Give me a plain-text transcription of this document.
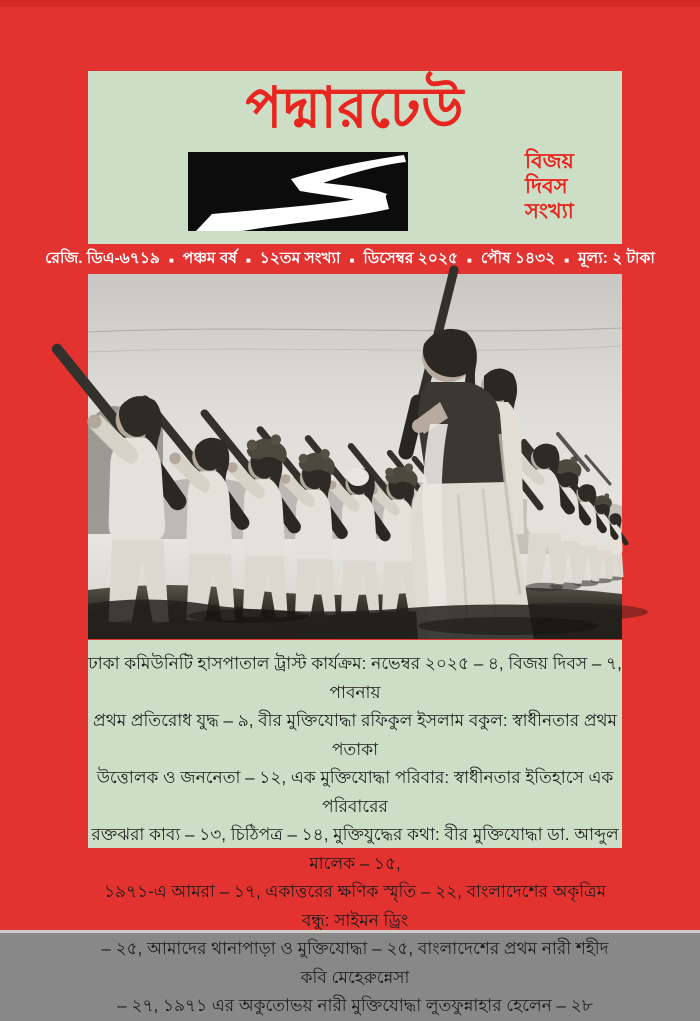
পদ্মারঢেউ
বিজয়
দিবস
সংখ্যা
রেজি. ডিএ-৬৭১৯ ■ পঞ্চম বর্ষ ■ ১২তম সংখ্যা ■ ডিসেম্বর ২০২৫ ■ পৌষ ১৪৩২ ■ মূল্য: ২ টাকা
ঢাকা কমিউনিটি হাসপাতাল ট্রাস্ট কার্যক্রম: নভেম্বর ২০২৫ – ৪, বিজয় দিবস – ৭, পাবনায়
প্রথম প্রতিরোধ যুদ্ধ – ৯, বীর মুক্তিযোদ্ধা রফিকুল ইসলাম বকুল: স্বাধীনতার প্রথম পতাকা
উত্তোলক ও জননেতা – ১২, এক মুক্তিযোদ্ধা পরিবার: স্বাধীনতার ইতিহাসে এক পরিবারের
রক্তঝরা কাব্য – ১৩, চিঠিপত্র – ১৪, মুক্তিযুদ্ধের কথা: বীর মুক্তিযোদ্ধা ডা. আব্দুল মালেক – ১৫,
১৯৭১-এ আমরা – ১৭, একাত্তরের ক্ষণিক স্মৃতি – ২২, বাংলাদেশের অকৃত্রিম বন্ধু: সাইমন ড্রিং
– ২৫, আমাদের থানাপাড়া ও মুক্তিযোদ্ধা – ২৫, বাংলাদেশের প্রথম নারী শহীদ কবি মেহেরুন্নেসা
– ২৭, ১৯৭১ এর অকুতোভয় নারী মুক্তিযোদ্ধা লুতফুন্নাহার হেলেন – ২৮
